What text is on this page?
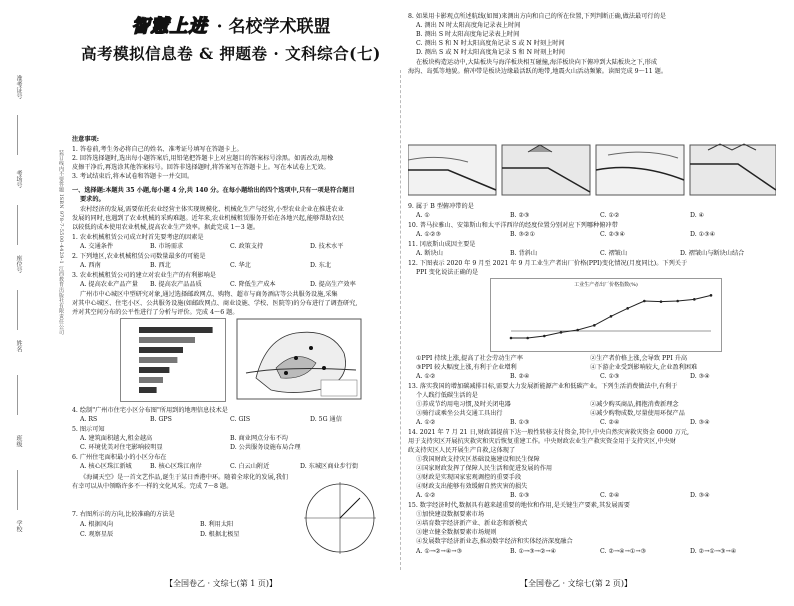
准考证号
考场号
座位号
姓名
班级
学校
装订线内不要答题 ISBN 978-7-5500-4429-1 江西教育出版社有限责任公司
智慧上进 · 名校学术联盟
高考模拟信息卷 & 押题卷 · 文科综合(七)
注意事项:
1. 答卷前,考生务必将自己的姓名、准考证号填写在答题卡上。
2. 回答选择题时,选出每小题答案后,用铅笔把答题卡上对应题目的答案标号涂黑。如需改动,用橡
皮擦干净后,再选涂其他答案标号。回答非选择题时,将答案写在答题卡上。写在本试卷上无效。
3. 考试结束后,将本试卷和答题卡一并交回。
一、选择题:本题共 35 小题,每小题 4 分,共 140 分。在每小题给出的四个选项中,只有一项是符合题目
要求的。
农村经济的发展,需要依托农业经营主体实现规模化、机械化生产与经营,小型农业企业在推进农业
发展的同时,也遇到了农业机械的采购难题。近年来,农业机械租赁服务开始在各地兴起,能够帮助农民
以较低的成本使用农业机械,提高农业生产效率。据此完成 1～3 题。
1. 农业机械租赁公司成立时首先要考虑的因素是
A. 交通条件	B. 市场需求	C. 政策支持	D. 技术水平
2. 下列地区,农业机械租赁公司数量最多的可能是
A. 西南	B. 西北	C. 华北	D. 东北
3. 农业机械租赁公司的建立对农业生产的有利影响是
A. 提高农业产品产量 B. 提高农产品品质	C. 降低生产成本	D. 提高生产效率
广州市中心城区中型研究对象,通过选择邮政网点、购物、超市与商务酒店等公共服务设施,采集
对其中心城区、住宅小区、公共服务设施(如邮政网点、商业设施、学校、医院等)的分布进行了调查研究,
并对其空间分布的公平性进行了分析与评价。完成 4～6 题。
4. 绘制"广州市住宅小区分布图"所用到的地理信息技术是
A. RS	B. GPS	C. GIS	D. 5G 通信
5. 图示可知
A. 建筑面积越大,租金越高	B. 商业网点分布不均
C. 环境优美对住宅影响较明显	D. 公共服务设施布局合理
6. 广州住宅面积最小的小区分布在
A. 核心区珠江新城	B. 核心区珠江南岸	C. 白云山附近	D. 东城区商业步行街
《海阔天空》是一首文艺作品,诞生于某日香港中环。随着全球化的发展,我们
有幸可以从中领略许多不一样的文化风采。完成 7～8 题。
7. 右图所示的方向,比较准确的方法是
A. 根据风向	B. 利用太阳
C. 观察星辰	D. 根据北极星
【全国卷乙 · 文综七(第 1 页)】
8. 如果用卡影观点所述航线(如图)来测出方向和自己的所在位置,下列判断正确,做法最可行的是
A. 测出 N 时太阳高度角记录表上时间
B. 测出 S 时太阳高度角记录表上时间
C. 测出 S 和 N 时太阳高度角记录 S 或 N 时刻上时间
D. 测出 S 或 N 时太阳高度角记录 S 和 N 时刻上时间
在板块构造运动中,大陆板块与海洋板块相互碰撞,海洋板块向下俯冲到大陆板块之下,形成
海沟、岛弧等地貌。俯冲带是板块边缘最活跃的地带,地震火山活动频繁。读图完成 9～11 题。
9. 属于 B 型俯冲带的是
A. ①	B. ②③	C. ①②	D. ④
10. 普马拉雅山、安第斯山和太平洋西岸的经度位置分别对应下列哪种俯冲带
A. ①②③	B. ③②①	C. ②③④	D. ①③④
11. 冈底斯山成因主要是
A. 断块山	B. 背斜山	C. 褶皱山	D. 褶皱山与断块山结合
12. 下图表示 2020 年 9 月至 2021 年 9 月工业生产者出厂价格(PPI)变化情况(月度同比)。下列关于
PPI 变化说法正确的是
工业生产者出厂价格指数(%)
①PPI 持续上涨,提高了社会劳动生产率	②生产者价格上涨,会导致 PPI 升高
③PPI 较大幅度上涨,有利于企业增利	④下游企业受到影响较大,企业盈利困难
A. ①②	B. ②④	C. ①③	D. ③④
13. 落实我国的增加碳减排目标,需要大力发展新能源产业和低碳产业。下列生活消费做法中,有利于
个人践行低碳生活的是
①养成节约用电习惯,及时关闭电器	②减少购买商品,拥抱消费新理念
③骑行或乘坐公共交通工具出行	④减少购物成数,尽量使用环保产品
A. ①②	B. ①③	C. ②④	D. ③④
14. 2021 年 7 月 21 日,财政部提前下达一般性转移支付资金,其中,中央自然灾害救灾资金 6000 万元,
用于支持灾区开展抗灾救灾和灾后恢复重建工作。中央财政农业生产救灾资金用于支持灾区,中央财
政支持灾区人民开展生产自救,这体现了
①我国财政支持灾区基础设施建设和民生保障
②国家财政发挥了保障人民生活和促进发展的作用
③财政是实现国家宏观调控的重要手段
④财政支出能够有效缓解自然灾害的损失
A. ①②	B. ①③	C. ②④	D. ③④
15. 数字经济时代,数据具有越来越重要的地位和作用,是关键生产要素,其发展需要
①加快建设数据要素市场
②培育数字经济新产业、新业态和新模式
③建立健全数据要素市场规则
④发展数字经济新业态,推动数字经济和实体经济深度融合
A. ①→②→④→③	B. ①→③→②→④	C. ②→④→①→③	D. ②→①→③→④
【全国卷乙 · 文综七(第 2 页)】
